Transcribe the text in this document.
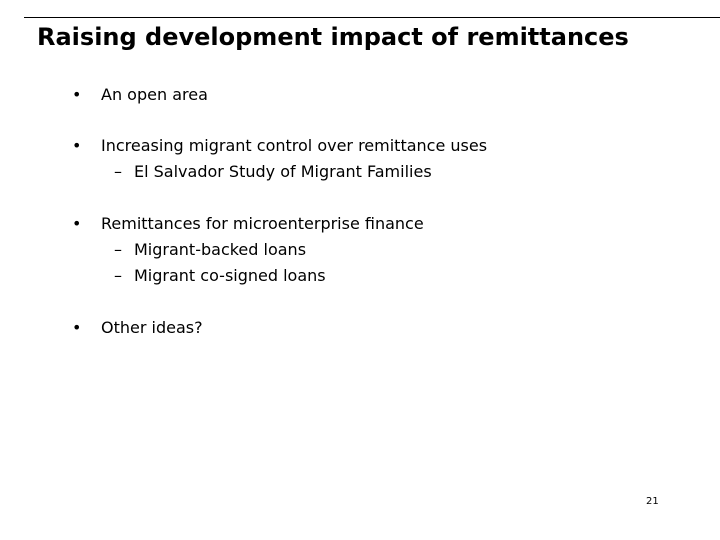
Raising development impact of remittances
• An open area
• Increasing migrant control over remittance uses
– El Salvador Study of Migrant Families
• Remittances for microenterprise finance
– Migrant-backed loans
– Migrant co-signed loans
• Other ideas?
21
